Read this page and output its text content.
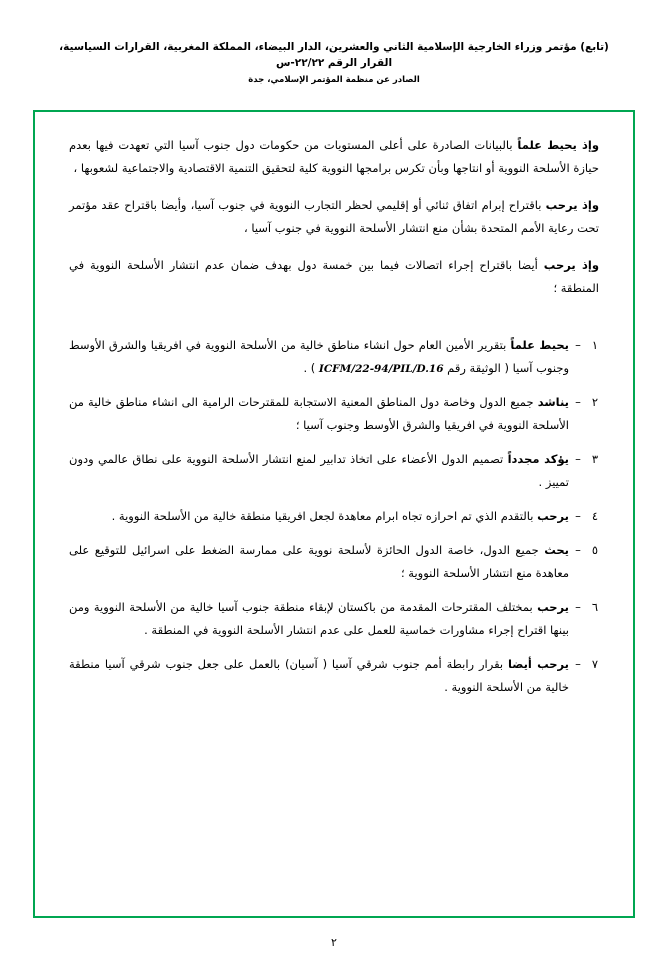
(تابع) مؤتمر وزراء الخارجية الإسلامية الثاني والعشرين، الدار البيضاء، المملكة المغربية، القرارات السياسية، القرار الرقم ٢٢/٢٢-س
الصادر عن منظمة المؤتمر الإسلامي، جدة
وإذ يحيط علماً بالبيانات الصادرة على أعلى المستويات من حكومات دول جنوب آسيا التي تعهدت فيها بعدم حيازة الأسلحة النووية أو انتاجها وبأن تكرس برامجها النووية كلية لتحقيق التنمية الاقتصادية والاجتماعية لشعوبها ،
وإذ يرحب باقتراح إبرام اتفاق ثنائي أو إقليمي لحظر التجارب النووية في جنوب آسيا، وأيضا باقتراح عقد مؤتمر تحت رعاية الأمم المتحدة بشأن منع انتشار الأسلحة النووية في جنوب آسيا ،
وإذ يرحب أيضا باقتراح إجراء اتصالات فيما بين خمسة دول بهدف ضمان عدم انتشار الأسلحة النووية في المنطقة ؛
١
–
يحيط علماً بتقرير الأمين العام حول انشاء مناطق خالية من الأسلحة النووية في افريقيا والشرق الأوسط وجنوب آسيا ( الوثيقة رقم ICFM/22-94/PIL/D.16 ) .
٢
–
يناشد جميع الدول وخاصة دول المناطق المعنية الاستجابة للمقترحات الرامية الى انشاء مناطق خالية من الأسلحة النووية في افريقيا والشرق الأوسط وجنوب آسيا ؛
٣
–
يؤكد مجدداً تصميم الدول الأعضاء على اتخاذ تدابير لمنع انتشار الأسلحة النووية على نطاق عالمي ودون تمييز .
٤
–
يرحب بالتقدم الذي تم احرازه تجاه ابرام معاهدة لجعل افريقيا منطقة خالية من الأسلحة النووية .
٥
–
يحث جميع الدول، خاصة الدول الحائزة لأسلحة نووية على ممارسة الضغط على اسرائيل للتوقيع على معاهدة منع انتشار الأسلحة النووية ؛
٦
–
يرحب بمختلف المقترحات المقدمة من باكستان لإبقاء منطقة جنوب آسيا خالية من الأسلحة النووية ومن بينها اقتراح إجراء مشاورات خماسية للعمل على عدم انتشار الأسلحة النووية في المنطقة .
٧
–
يرحب أيضا بقرار رابطة أمم جنوب شرقي آسيا ( آسيان) بالعمل على جعل جنوب شرقي آسيا منطقة خالية من الأسلحة النووية .
٢
